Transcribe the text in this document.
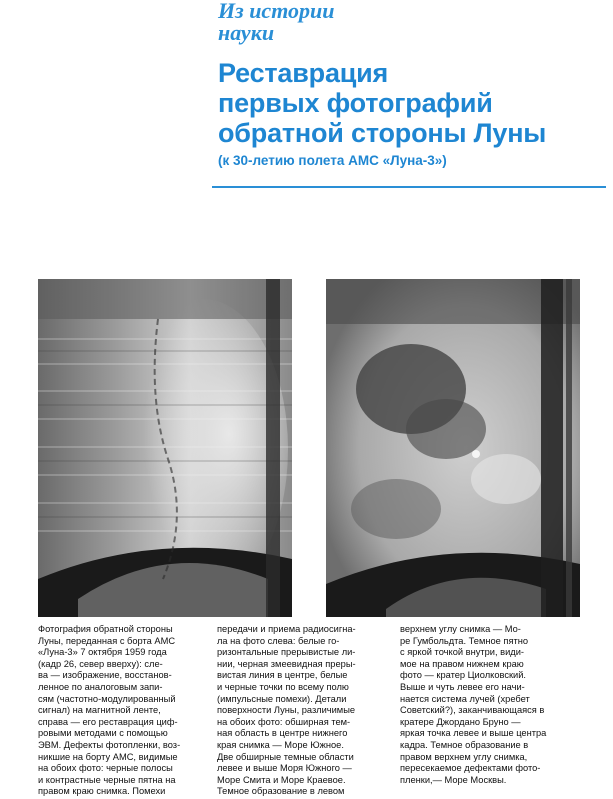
Из истории
науки
Реставрация
первых фотографий
обратной стороны Луны
(к 30-летию полета АМС «Луна-3»)
Фотография обратной стороны
Луны, переданная с борта АМС
«Луна-3» 7 октября 1959 года
(кадр 26, север вверху): сле-
ва — изображение, восстанов-
ленное по аналоговым запи-
сям (частотно-модулированный
сигнал) на магнитной ленте,
справа — его реставрация циф-
ровыми методами с помощью
ЭВМ. Дефекты фотопленки, воз-
никшие на борту АМС, видимые
на обоих фото: черные полосы
и контрастные черные пятна на
правом краю снимка. Помехи
передачи и приема радиосигна-
ла на фото слева: белые го-
ризонтальные прерывистые ли-
нии, черная змеевидная преры-
вистая линия в центре, белые
и черные точки по всему полю
(импульсные помехи). Детали
поверхности Луны, различимые
на обоих фото: обширная тем-
ная область в центре нижнего
края снимка — Море Южное.
Две обширные темные области
левее и выше Моря Южного —
Море Смита и Море Краевое.
Темное образование в левом
верхнем углу снимка — Мо-
ре Гумбольдта. Темное пятно
с яркой точкой внутри, види-
мое на правом нижнем краю
фото — кратер Циолковский.
Выше и чуть левее его начи-
нается система лучей (хребет
Советский?), заканчивающаяся в
кратере Джордано Бруно —
яркая точка левее и выше центра
кадра. Темное образование в
правом верхнем углу снимка,
пересекаемое дефектами фото-
пленки,— Море Москвы.
